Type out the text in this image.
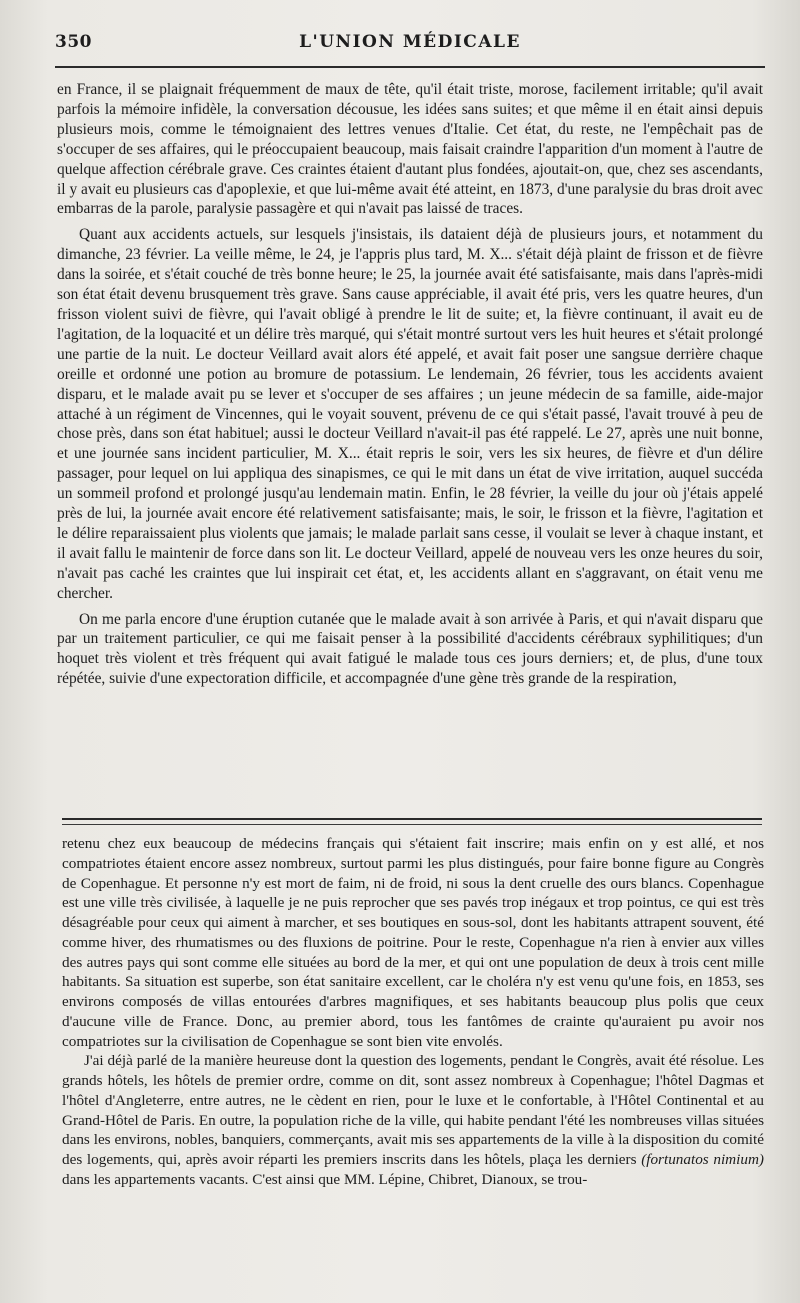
350	L'UNION MÉDICALE

en France, il se plaignait fréquemment de maux de tête, qu'il était triste, morose, facilement irritable; qu'il avait parfois la mémoire infidèle, la conversation décousue, les idées sans suites; et que même il en était ainsi depuis plusieurs mois, comme le témoignaient des lettres venues d'Italie. Cet état, du reste, ne l'empêchait pas de s'occuper de ses affaires, qui le préoccupaient beaucoup, mais faisait craindre l'apparition d'un moment à l'autre de quelque affection cérébrale grave. Ces craintes étaient d'autant plus fondées, ajoutait-on, que, chez ses ascendants, il y avait eu plusieurs cas d'apoplexie, et que lui-même avait été atteint, en 1873, d'une paralysie du bras droit avec embarras de la parole, paralysie passagère et qui n'avait pas laissé de traces.

Quant aux accidents actuels, sur lesquels j'insistais, ils dataient déjà de plusieurs jours, et notamment du dimanche, 23 février. La veille même, le 24, je l'appris plus tard, M. X... s'était déjà plaint de frisson et de fièvre dans la soirée, et s'était couché de très bonne heure; le 25, la journée avait été satisfaisante, mais dans l'après-midi son état était devenu brusquement très grave. Sans cause appréciable, il avait été pris, vers les quatre heures, d'un frisson violent suivi de fièvre, qui l'avait obligé à prendre le lit de suite; et, la fièvre continuant, il avait eu de l'agitation, de la loquacité et un délire très marqué, qui s'était montré surtout vers les huit heures et s'était prolongé une partie de la nuit. Le docteur Veillard avait alors été appelé, et avait fait poser une sangsue derrière chaque oreille et ordonné une potion au bromure de potassium. Le lendemain, 26 février, tous les accidents avaient disparu, et le malade avait pu se lever et s'occuper de ses affaires ; un jeune médecin de sa famille, aide-major attaché à un régiment de Vincennes, qui le voyait souvent, prévenu de ce qui s'était passé, l'avait trouvé à peu de chose près, dans son état habituel; aussi le docteur Veillard n'avait-il pas été rappelé. Le 27, après une nuit bonne, et une journée sans incident particulier, M. X... était repris le soir, vers les six heures, de fièvre et d'un délire passager, pour lequel on lui appliqua des sinapismes, ce qui le mit dans un état de vive irritation, auquel succéda un sommeil profond et prolongé jusqu'au lendemain matin. Enfin, le 28 février, la veille du jour où j'étais appelé près de lui, la journée avait encore été relativement satisfaisante; mais, le soir, le frisson et la fièvre, l'agitation et le délire reparaissaient plus violents que jamais; le malade parlait sans cesse, il voulait se lever à chaque instant, et il avait fallu le maintenir de force dans son lit. Le docteur Veillard, appelé de nouveau vers les onze heures du soir, n'avait pas caché les craintes que lui inspirait cet état, et, les accidents allant en s'aggravant, on était venu me chercher.

On me parla encore d'une éruption cutanée que le malade avait à son arrivée à Paris, et qui n'avait disparu que par un traitement particulier, ce qui me faisait penser à la possibilité d'accidents cérébraux syphilitiques; d'un hoquet très violent et très fréquent qui avait fatigué le malade tous ces jours derniers; et, de plus, d'une toux répétée, suivie d'une expectoration difficile, et accompagnée d'une gène très grande de la respiration,

retenu chez eux beaucoup de médecins français qui s'étaient fait inscrire; mais enfin on y est allé, et nos compatriotes étaient encore assez nombreux, surtout parmi les plus distingués, pour faire bonne figure au Congrès de Copenhague. Et personne n'y est mort de faim, ni de froid, ni sous la dent cruelle des ours blancs. Copenhague est une ville très civilisée, à laquelle je ne puis reprocher que ses pavés trop inégaux et trop pointus, ce qui est très désagréable pour ceux qui aiment à marcher, et ses boutiques en sous-sol, dont les habitants attrapent souvent, été comme hiver, des rhumatismes ou des fluxions de poitrine. Pour le reste, Copenhague n'a rien à envier aux villes des autres pays qui sont comme elle situées au bord de la mer, et qui ont une population de deux à trois cent mille habitants. Sa situation est superbe, son état sanitaire excellent, car le choléra n'y est venu qu'une fois, en 1853, ses environs composés de villas entourées d'arbres magnifiques, et ses habitants beaucoup plus polis que ceux d'aucune ville de France. Donc, au premier abord, tous les fantômes de crainte qu'auraient pu avoir nos compatriotes sur la civilisation de Copenhague se sont bien vite envolés.

J'ai déjà parlé de la manière heureuse dont la question des logements, pendant le Congrès, avait été résolue. Les grands hôtels, les hôtels de premier ordre, comme on dit, sont assez nombreux à Copenhague; l'hôtel Dagmas et l'hôtel d'Angleterre, entre autres, ne le cèdent en rien, pour le luxe et le confortable, à l'Hôtel Continental et au Grand-Hôtel de Paris. En outre, la population riche de la ville, qui habite pendant l'été les nombreuses villas situées dans les environs, nobles, banquiers, commerçants, avait mis ses appartements de la ville à la disposition du comité des logements, qui, après avoir réparti les premiers inscrits dans les hôtels, plaça les derniers (fortunatos nimium) dans les appartements vacants. C'est ainsi que MM. Lépine, Chibret, Dianoux, se trou-
